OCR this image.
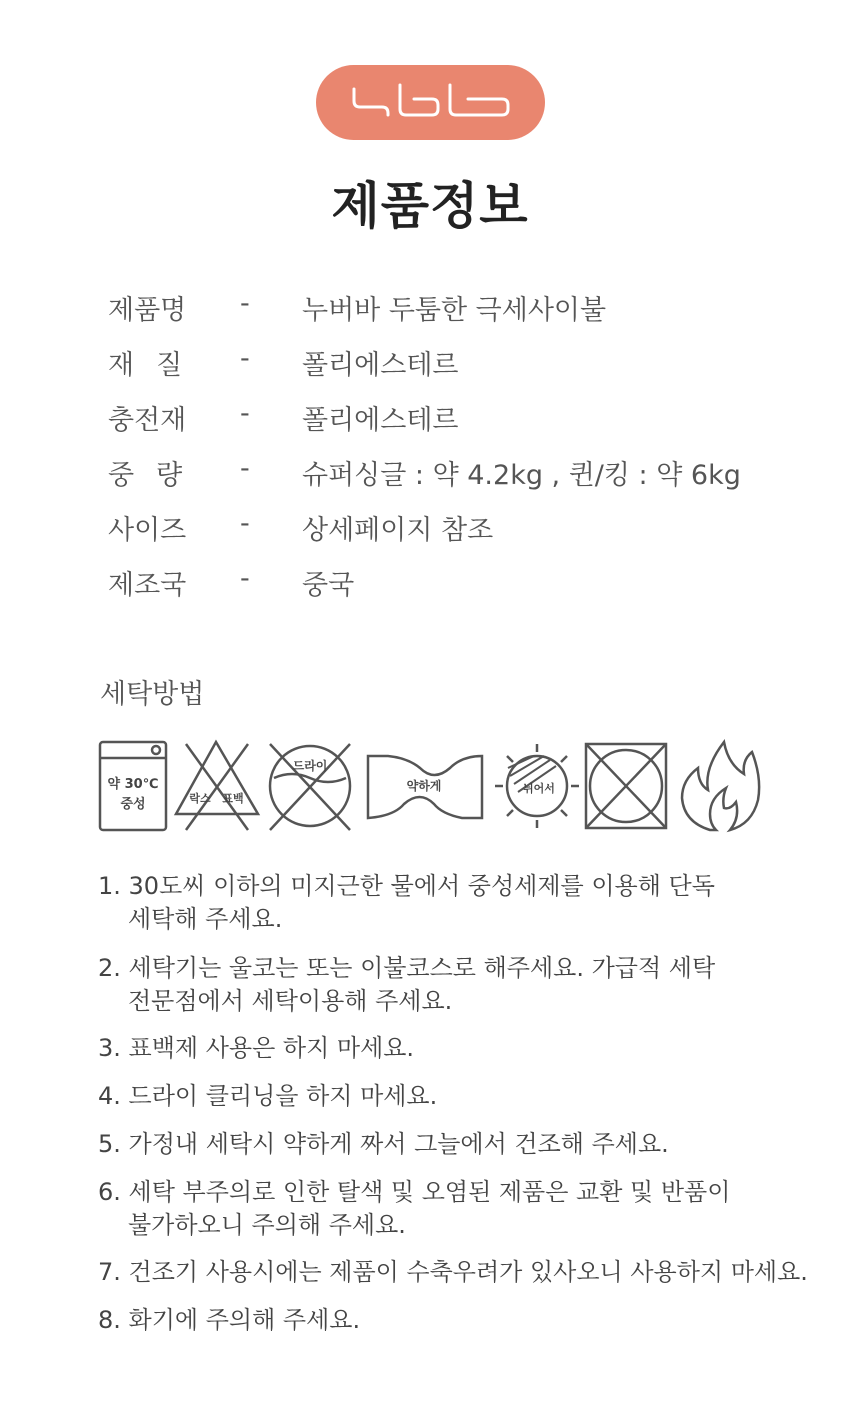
제품정보
제품명 - 누버바 두툼한 극세사이불
재질 - 폴리에스테르
충전재 - 폴리에스테르
중량 - 슈퍼싱글 : 약 4.2kg , 퀸/킹 : 약 6kg
사이즈 - 상세페이지 참조
제조국 - 중국
세탁방법
약 30℃
중성	락스 표백
드라이
약하게	뉘어서
1. 30도씨 이하의 미지근한 물에서 중성세제를 이용해 단독
세탁해 주세요.
2. 세탁기는 울코는 또는 이불코스로 해주세요. 가급적 세탁
전문점에서 세탁이용해 주세요.
3. 표백제 사용은 하지 마세요.
4. 드라이 클리닝을 하지 마세요.
5. 가정내 세탁시 약하게 짜서 그늘에서 건조해 주세요.
6. 세탁 부주의로 인한 탈색 및 오염된 제품은 교환 및 반품이
불가하오니 주의해 주세요.
7. 건조기 사용시에는 제품이 수축우려가 있사오니 사용하지 마세요.
8. 화기에 주의해 주세요.
